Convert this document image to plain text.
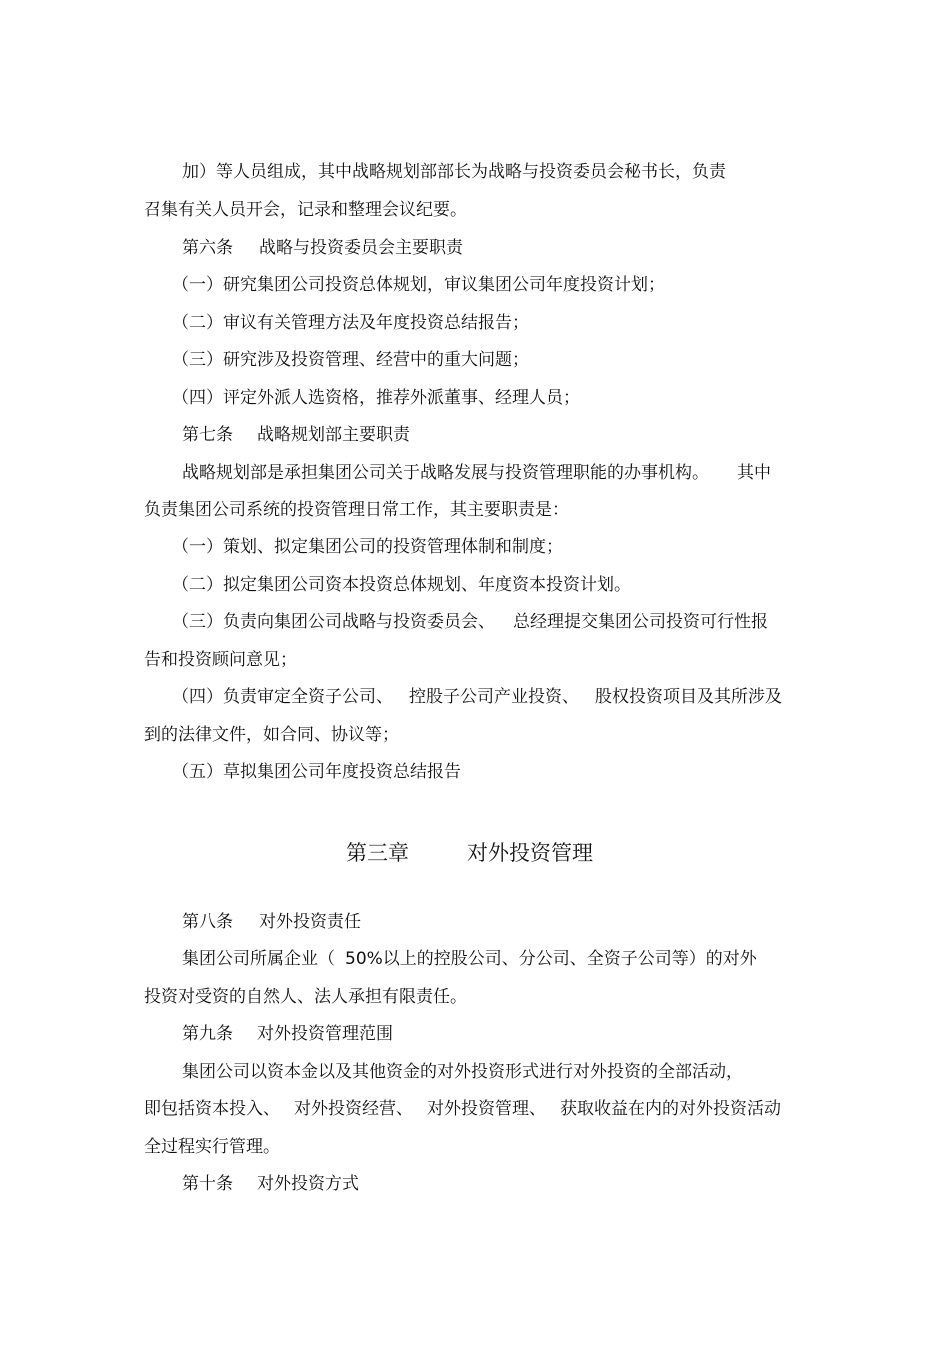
加）等人员组成，其中战略规划部部长为战略与投资委员会秘书长，负责
召集有关人员开会，记录和整理会议纪要。
第六条 战略与投资委员会主要职责
（一）研究集团公司投资总体规划，审议集团公司年度投资计划；
（二）审议有关管理方法及年度投资总结报告；
（三）研究涉及投资管理、经营中的重大问题；
（四）评定外派人选资格，推荐外派董事、经理人员；
第七条 战略规划部主要职责
战略规划部是承担集团公司关于战略发展与投资管理职能的办事机构。 其中
负责集团公司系统的投资管理日常工作，其主要职责是：
（一）策划、拟定集团公司的投资管理体制和制度；
（二）拟定集团公司资本投资总体规划、年度资本投资计划。
（三）负责向集团公司战略与投资委员会、 总经理提交集团公司投资可行性报
告和投资顾问意见；
（四）负责审定全资子公司、 控股子公司产业投资、 股权投资项目及其所涉及
到的法律文件，如合同、协议等；
（五）草拟集团公司年度投资总结报告
第三章	对外投资管理
第八条 对外投资责任
集团公司所属企业（ 50%以上的控股公司、分公司、全资子公司等）的对外
投资对受资的自然人、法人承担有限责任。
第九条 对外投资管理范围
集团公司以资本金以及其他资金的对外投资形式进行对外投资的全部活动，
即包括资本投入、 对外投资经营、 对外投资管理、 获取收益在内的对外投资活动
全过程实行管理。
第十条 对外投资方式
